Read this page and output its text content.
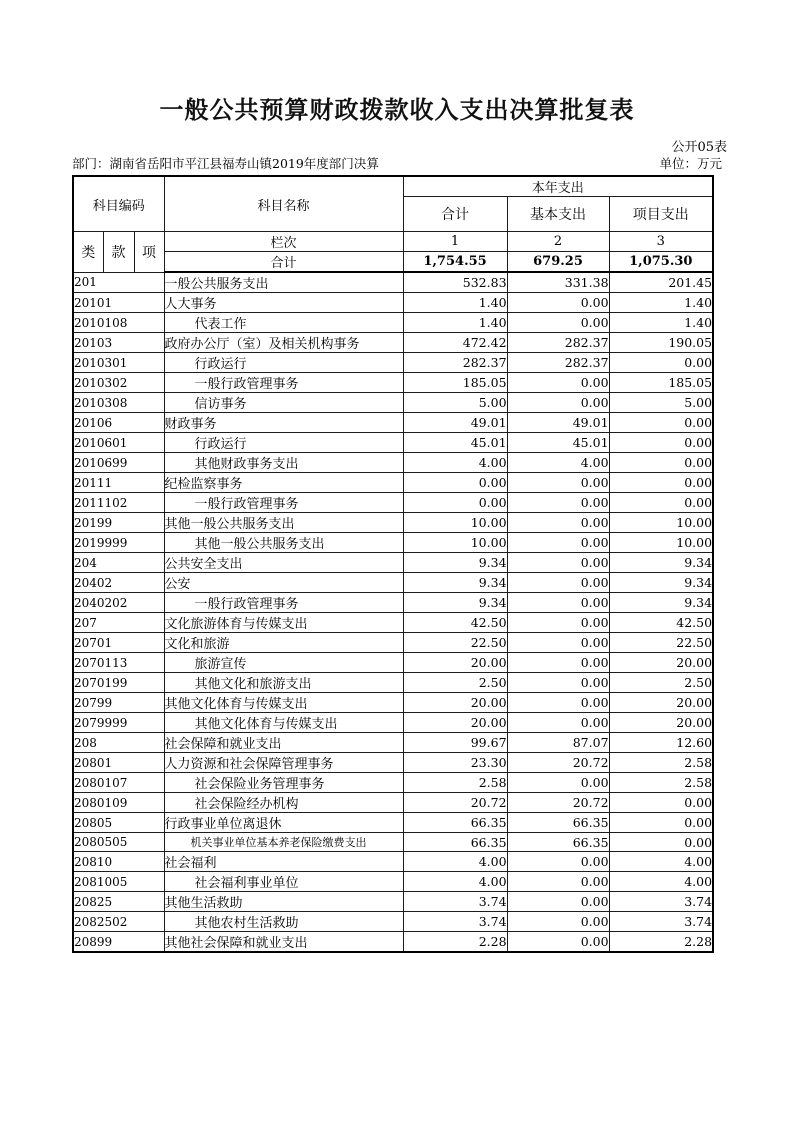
一般公共预算财政拨款收入支出决算批复表
公开05表
部门：湖南省岳阳市平江县福寿山镇2019年度部门决算	单位：万元
科目编码			科目名称	本年支出		
				合计	基本支出	项目支出
类	款	项	栏次	1	2	3
			合计	1,754.55	679.25	1,075.30
201			一般公共服务支出	532.83	331.38	201.45
20101			人大事务	1.40	0.00	1.40
2010108			代表工作	1.40	0.00	1.40
20103			政府办公厅（室）及相关机构事务	472.42	282.37	190.05
2010301			行政运行	282.37	282.37	0.00
2010302			一般行政管理事务	185.05	0.00	185.05
2010308			信访事务	5.00	0.00	5.00
20106			财政事务	49.01	49.01	0.00
2010601			行政运行	45.01	45.01	0.00
2010699			其他财政事务支出	4.00	4.00	0.00
20111			纪检监察事务	0.00	0.00	0.00
2011102			一般行政管理事务	0.00	0.00	0.00
20199			其他一般公共服务支出	10.00	0.00	10.00
2019999			其他一般公共服务支出	10.00	0.00	10.00
204			公共安全支出	9.34	0.00	9.34
20402			公安	9.34	0.00	9.34
2040202			一般行政管理事务	9.34	0.00	9.34
207			文化旅游体育与传媒支出	42.50	0.00	42.50
20701			文化和旅游	22.50	0.00	22.50
2070113			旅游宣传	20.00	0.00	20.00
2070199			其他文化和旅游支出	2.50	0.00	2.50
20799			其他文化体育与传媒支出	20.00	0.00	20.00
2079999			其他文化体育与传媒支出	20.00	0.00	20.00
208			社会保障和就业支出	99.67	87.07	12.60
20801			人力资源和社会保障管理事务	23.30	20.72	2.58
2080107			社会保险业务管理事务	2.58	0.00	2.58
2080109			社会保险经办机构	20.72	20.72	0.00
20805			行政事业单位离退休	66.35	66.35	0.00
2080505			机关事业单位基本养老保险缴费支出	66.35	66.35	0.00
20810			社会福利	4.00	0.00	4.00
2081005			社会福利事业单位	4.00	0.00	4.00
20825			其他生活救助	3.74	0.00	3.74
2082502			其他农村生活救助	3.74	0.00	3.74
20899			其他社会保障和就业支出	2.28	0.00	2.28
